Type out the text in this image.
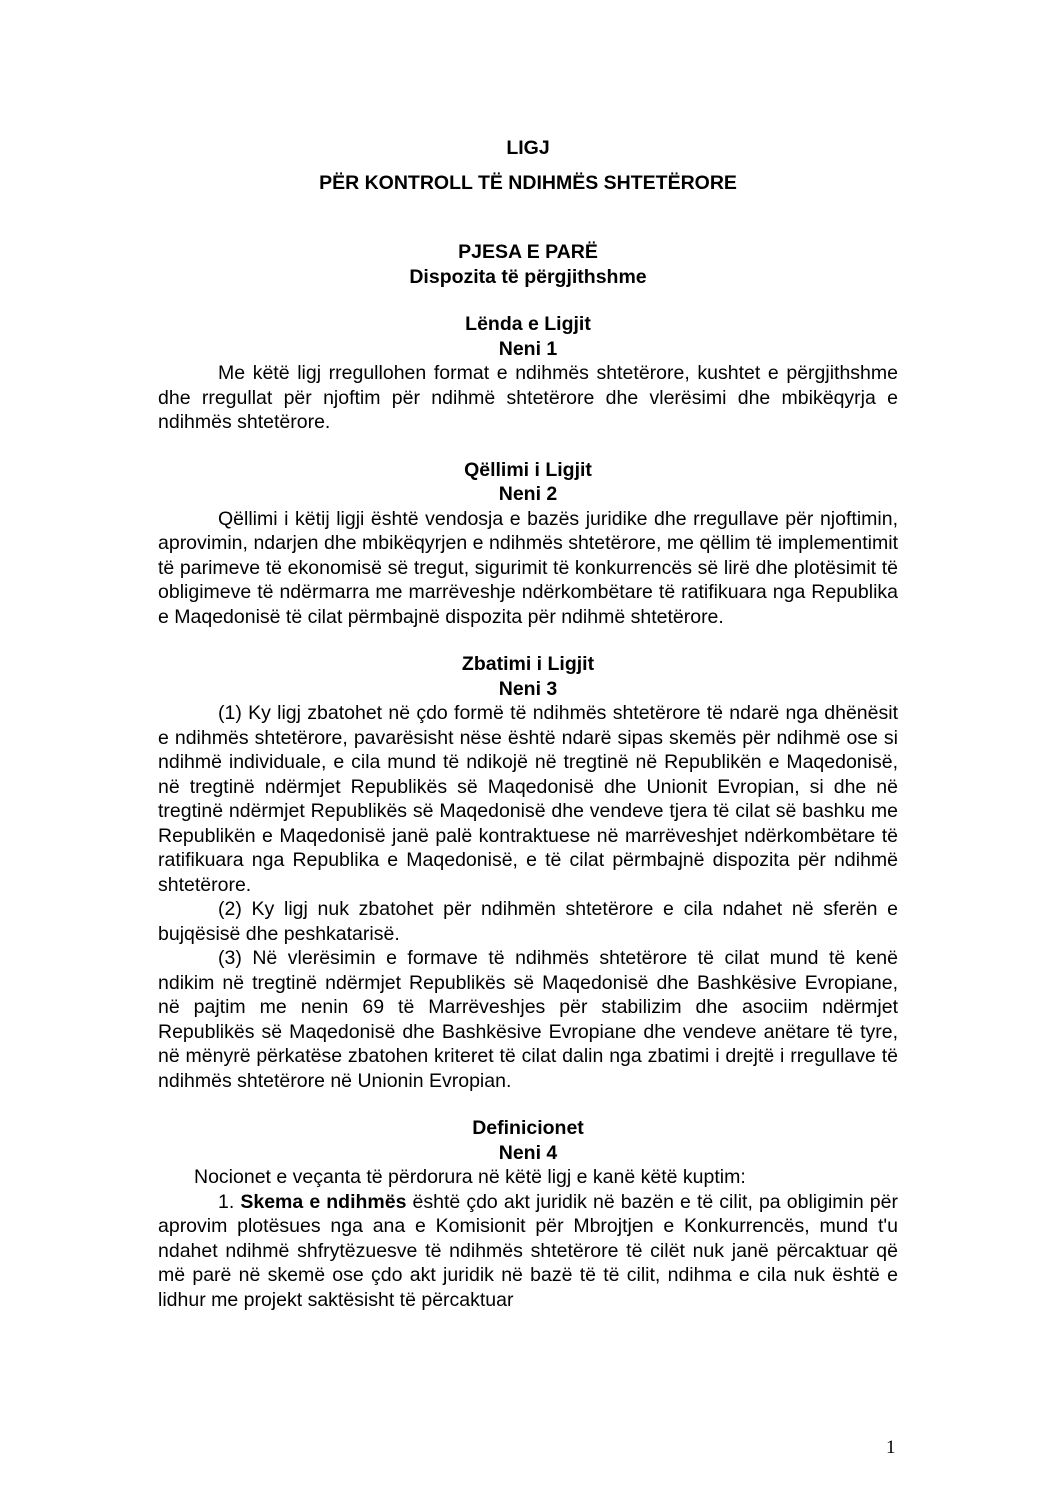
LIGJ
PËR KONTROLL TË NDIHMËS SHTETËRORE
PJESA E PARË
Dispozita të përgjithshme
Lënda e Ligjit
Neni 1

Me këtë ligj rregullohen format e ndihmës shtetërore, kushtet e përgjithshme dhe rregullat për njoftim për ndihmë shtetërore dhe vlerësimi dhe mbikëqyrja e ndihmës shtetërore.

Qëllimi i Ligjit
Neni 2

Qëllimi i këtij ligji është vendosja e bazës juridike dhe rregullave për njoftimin, aprovimin, ndarjen dhe mbikëqyrjen e ndihmës shtetërore, me qëllim të implementimit të parimeve të ekonomisë së tregut, sigurimit të konkurrencës së lirë dhe plotësimit të obligimeve të ndërmarra me marrëveshje ndërkombëtare të ratifikuara nga Republika e Maqedonisë të cilat përmbajnë dispozita për ndihmë shtetërore.

Zbatimi i Ligjit
Neni 3

(1) Ky ligj zbatohet në çdo formë të ndihmës shtetërore të ndarë nga dhënësit e ndihmës shtetërore, pavarësisht nëse është ndarë sipas skemës për ndihmë ose si ndihmë individuale, e cila mund të ndikojë në tregtinë në Republikën e Maqedonisë, në tregtinë ndërmjet Republikës së Maqedonisë dhe Unionit Evropian, si dhe në tregtinë ndërmjet Republikës së Maqedonisë dhe vendeve tjera të cilat së bashku me Republikën e Maqedonisë janë palë kontraktuese në marrëveshjet ndërkombëtare të ratifikuara nga Republika e Maqedonisë, e të cilat përmbajnë dispozita për ndihmë shtetërore.

(2) Ky ligj nuk zbatohet për ndihmën shtetërore e cila ndahet në sferën e bujqësisë dhe peshkatarisë.

(3) Në vlerësimin e formave të ndihmës shtetërore të cilat mund të kenë ndikim në tregtinë ndërmjet Republikës së Maqedonisë dhe Bashkësive Evropiane, në pajtim me nenin 69 të Marrëveshjes për stabilizim dhe asociim ndërmjet Republikës së Maqedonisë dhe Bashkësive Evropiane dhe vendeve anëtare të tyre, në mënyrë përkatëse zbatohen kriteret të cilat dalin nga zbatimi i drejtë i rregullave të ndihmës shtetërore në Unionin Evropian.

Definicionet
Neni 4

Nocionet e veçanta të përdorura në këtë ligj e kanë këtë kuptim:

1. Skema e ndihmës është çdo akt juridik në bazën e të cilit, pa obligimin për aprovim plotësues nga ana e Komisionit për Mbrojtjen e Konkurrencës, mund t'u ndahet ndihmë shfrytëzuesve të ndihmës shtetërore të cilët nuk janë përcaktuar që më parë në skemë ose çdo akt juridik në bazë të të cilit, ndihma e cila nuk është e lidhur me projekt saktësisht të përcaktuar

1
